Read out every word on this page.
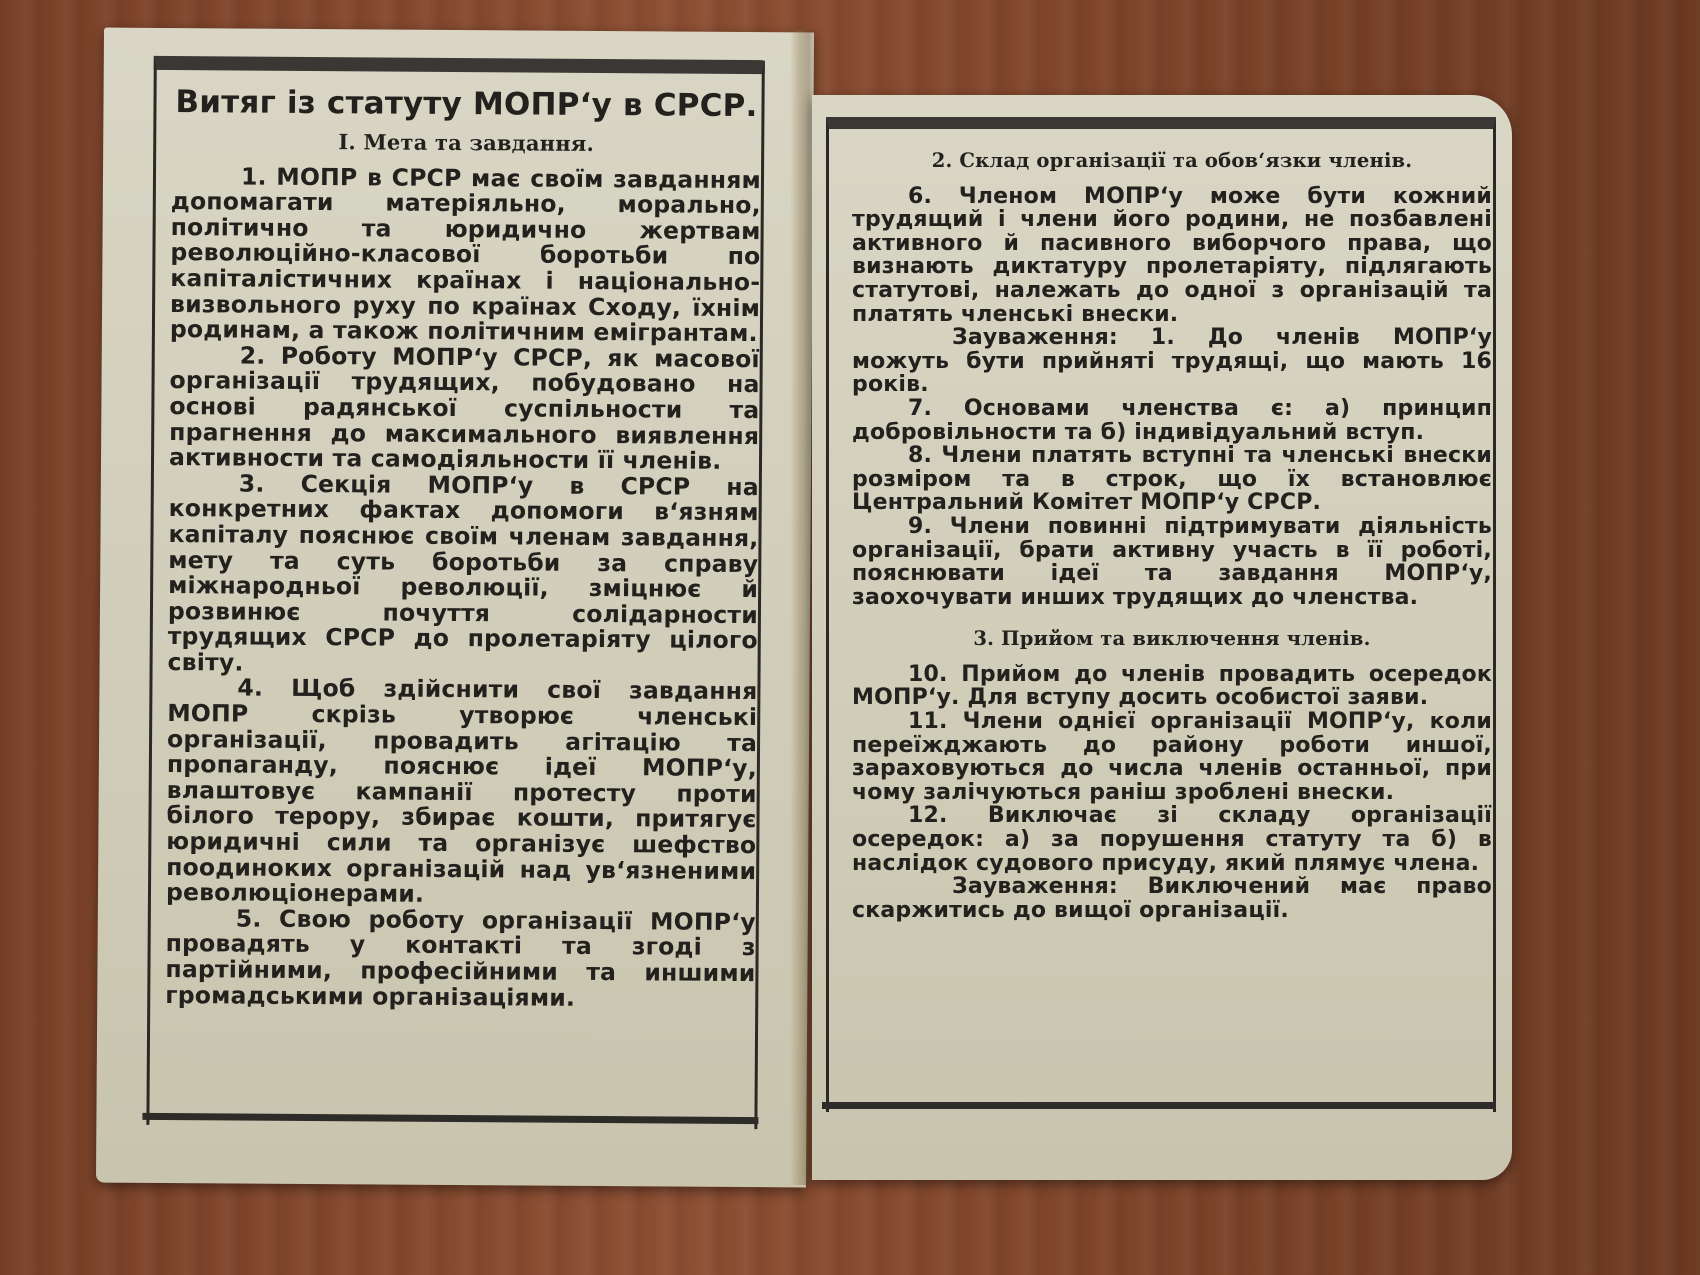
Витяг із статуту МОПР‘у в СРСР.
І. Мета та завдання.

1. МОПР в СРСР має своїм завданням допомагати матеріяльно, морально, політично та юридично жертвам революційно-класової боротьби по капіталістичних країнах і національно-визвольного руху по країнах Сходу, їхнім родинам, а також політичним емігрантам.

2. Роботу МОПР‘у СРСР, як масової організації трудящих, побудовано на основі радянської суспільности та прагнення до максимального виявлення активности та самодіяльности її членів.

3. Секція МОПР‘у в СРСР на конкретних фактах допомоги в‘язням капіталу пояснює своїм членам завдання, мету та суть боротьби за справу міжнародньої революції, зміцнює й розвинює почуття солідарности трудящих СРСР до пролетаріяту цілого світу.

4. Щоб здійснити свої завдання МОПР скрізь утворює членські організації, провадить агітацію та пропаганду, пояснює ідеї МОПР‘у, влаштовує кампанії протесту проти білого терору, збирає кошти, притягує юридичні сили та організує шефство поодиноких організацій над ув‘язненими революціонерами.

5. Свою роботу організації МОПР‘у провадять у контакті та згоді з партійними, професійними та иншими громадськими організаціями.

2. Склад організації та обов‘язки членів.

6. Членом МОПР‘у може бути кожний трудящий і члени його родини, не позбавлені активного й пасивного виборчого права, що визнають диктатуру пролетаріяту, підлягають статутові, належать до одної з організацій та платять членські внески.

Зауваження: 1. До членів МОПР‘у можуть бути прийняті трудящі, що мають 16 років.

7. Основами членства є: а) принцип добровільности та б) індивідуальний вступ.

8. Члени платять вступні та членські внески розміром та в строк, що їх встановлює Центральний Комітет МОПР‘у СРСР.

9. Члени повинні підтримувати діяльність організації, брати активну участь в її роботі, пояснювати ідеї та завдання МОПР‘у, заохочувати инших трудящих до членства.

3. Прийом та виключення членів.

10. Прийом до членів провадить осередок МОПР‘у. Для вступу досить особистої заяви.

11. Члени однієї організації МОПР‘у, коли переїжджають до району роботи иншої, зараховуються до числа членів останньої, при чому залічуються раніш зроблені внески.

12. Виключає зі складу організації осередок: а) за порушення статуту та б) в наслідок судового присуду, який плямує члена.

Зауваження: Виключений має право скаржитись до вищої організації.
